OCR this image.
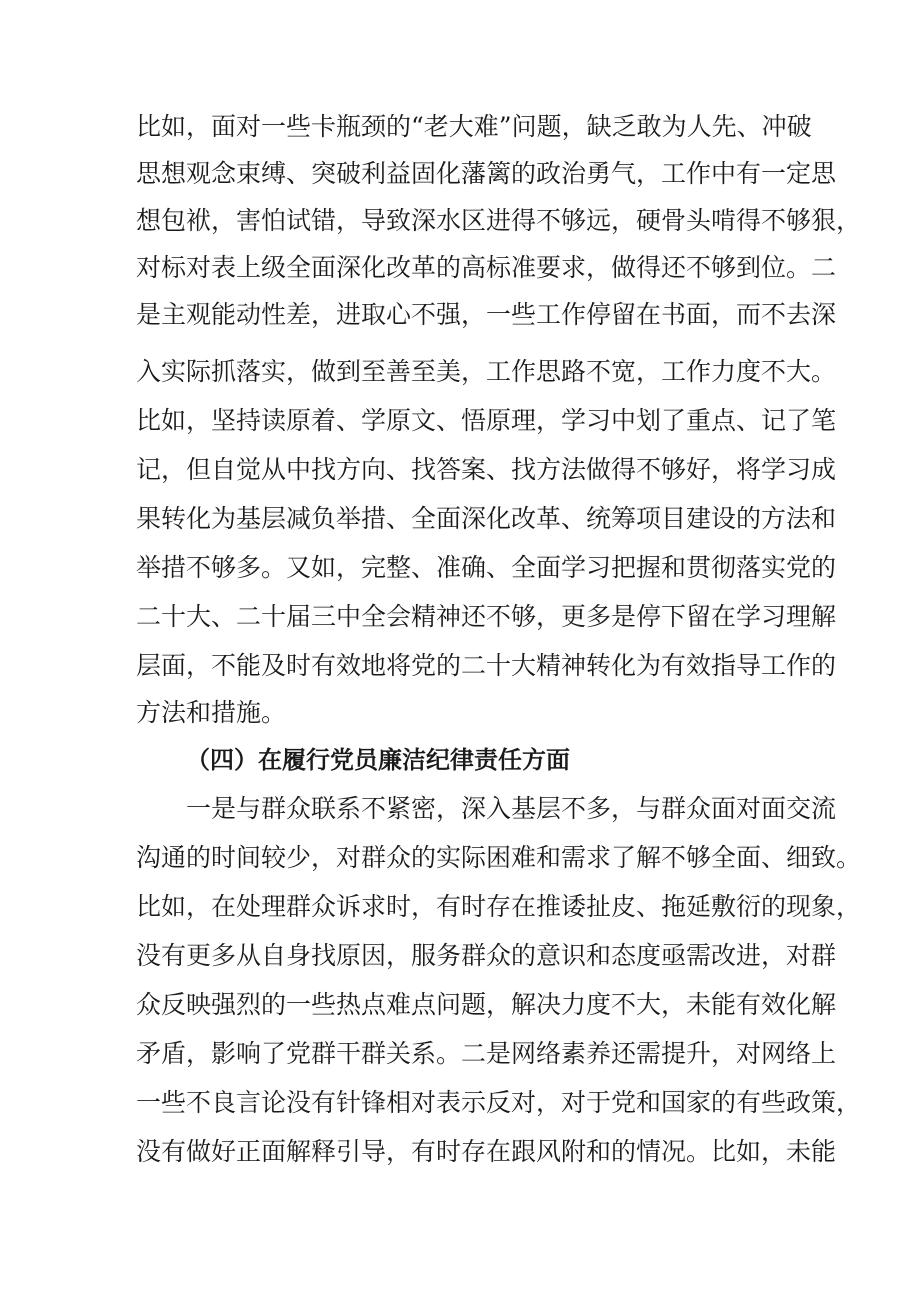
比如，面对一些卡瓶颈的“老大难”问题，缺乏敢为人先、冲破
思想观念束缚、突破利益固化藩篱的政治勇气，工作中有一定思
想包袱，害怕试错，导致深水区进得不够远，硬骨头啃得不够狠，
对标对表上级全面深化改革的高标准要求，做得还不够到位。二
是主观能动性差，进取心不强，一些工作停留在书面，而不去深
入实际抓落实，做到至善至美，工作思路不宽，工作力度不大。
比如，坚持读原着、学原文、悟原理，学习中划了重点、记了笔
记，但自觉从中找方向、找答案、找方法做得不够好，将学习成
果转化为基层减负举措、全面深化改革、统筹项目建设的方法和
举措不够多。又如，完整、准确、全面学习把握和贯彻落实党的
二十大、二十届三中全会精神还不够，更多是停下留在学习理解
层面，不能及时有效地将党的二十大精神转化为有效指导工作的
方法和措施。
（四）在履行党员廉洁纪律责任方面
一是与群众联系不紧密，深入基层不多，与群众面对面交流
沟通的时间较少，对群众的实际困难和需求了解不够全面、细致。
比如，在处理群众诉求时，有时存在推诿扯皮、拖延敷衍的现象，
没有更多从自身找原因，服务群众的意识和态度亟需改进，对群
众反映强烈的一些热点难点问题，解决力度不大，未能有效化解
矛盾，影响了党群干群关系。二是网络素养还需提升，对网络上
一些不良言论没有针锋相对表示反对，对于党和国家的有些政策，
没有做好正面解释引导，有时存在跟风附和的情况。比如，未能
